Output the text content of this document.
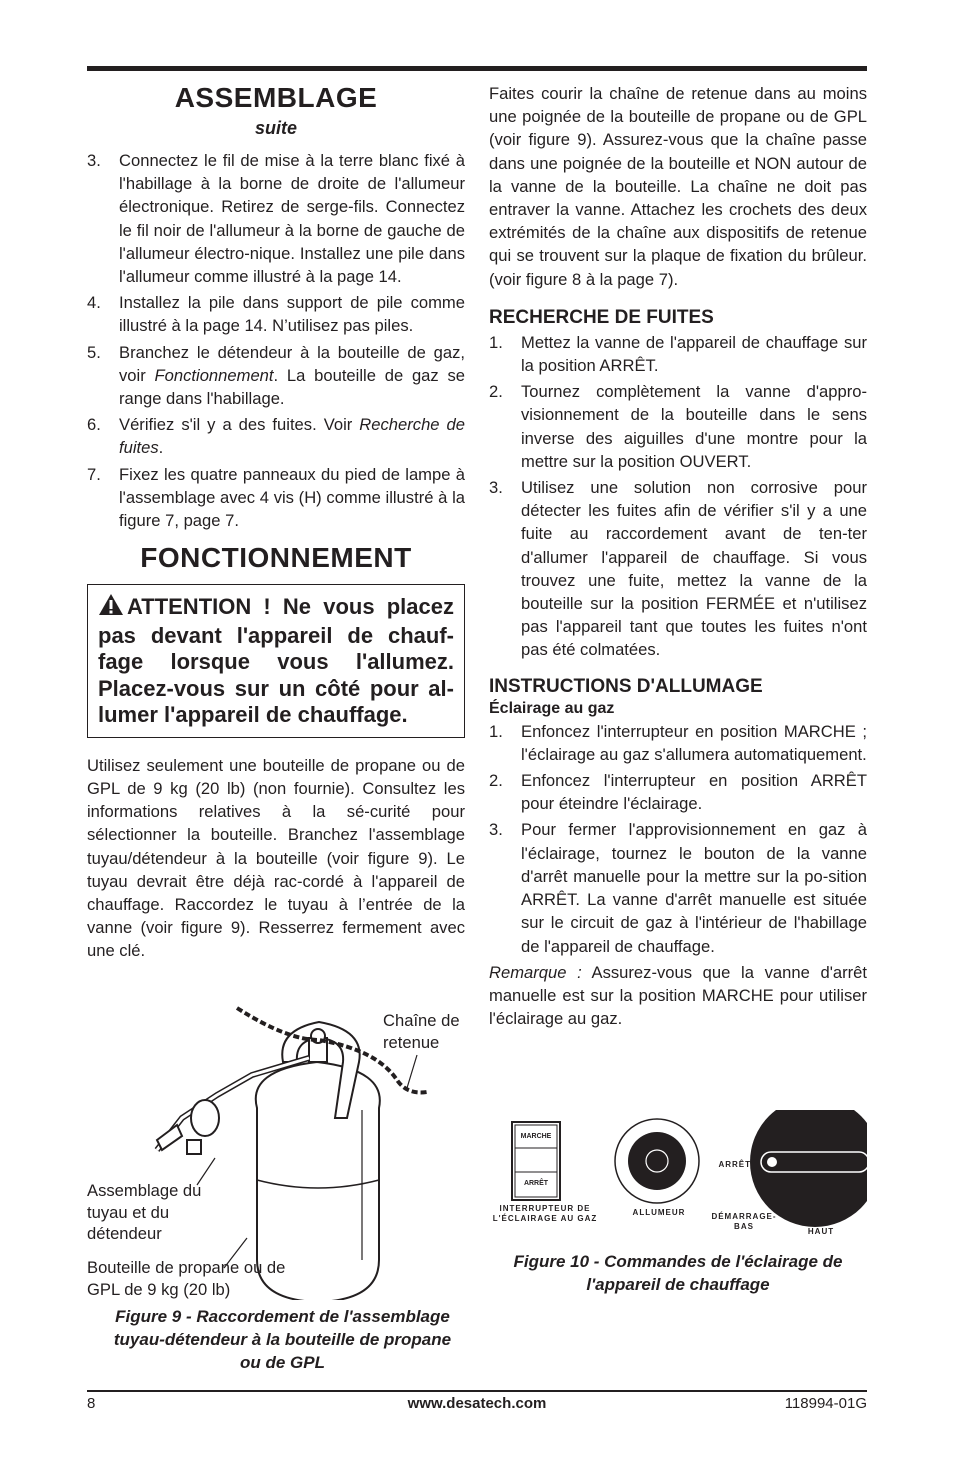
ASSEMBLAGE
suite
3. Connectez le fil de mise à la terre blanc fixé à l'habillage à la borne de droite de l'allumeur électronique. Retirez de serge-fils. Connectez le fil noir de l'allumeur à la borne de gauche de l'allumeur électro-nique. Installez une pile dans l'allumeur comme illustré à la page 14.
4. Installez la pile dans support de pile comme illustré à la page 14. N’utilisez pas piles.
5. Branchez le détendeur à la bouteille de gaz, voir Fonctionnement. La bouteille de gaz se range dans l'habillage.
6. Vérifiez s'il y a des fuites. Voir Recherche de fuites.
7. Fixez les quatre panneaux du pied de lampe à l'assemblage avec 4 vis (H) comme illustré à la figure 7, page 7.
FONCTIONNEMENT
ATTENTION ! Ne vous placez pas devant l'appareil de chauf-fage lorsque vous l'allumez. Placez-vous sur un côté pour al-lumer l'appareil de chauffage.

Utilisez seulement une bouteille de propane ou de GPL de 9 kg (20 lb) (non fournie). Consultez les informations relatives à la sé-curité pour sélectionner la bouteille. Branchez l'assemblage tuyau/détendeur à la bouteille (voir figure 9). Le tuyau devrait être déjà rac-cordé à l'appareil de chauffage. Raccordez le tuyau à l’entrée de la vanne (voir figure 9). Resserrez fermement avec une clé.

Chaîne de retenue
Assemblage du tuyau et du détendeur
Bouteille de propane ou de GPL de 9 kg (20 lb)
Figure 9 - Raccordement de l'assemblage tuyau-détendeur à la bouteille de propane ou de GPL

Faites courir la chaîne de retenue dans au moins une poignée de la bouteille de propane ou de GPL (voir figure 9). Assurez-vous que la chaîne passe dans une poignée de la bouteille et NON autour de la vanne de la bouteille. La chaîne ne doit pas entraver la vanne. Attachez les crochets des deux extrémités de la chaîne aux dispositifs de retenue qui se trouvent sur la plaque de fixation du brûleur. (voir figure 8 à la page 7).

RECHERCHE DE FUITES
1. Mettez la vanne de l'appareil de chauffage sur la position ARRÊT.
2. Tournez complètement la vanne d'appro-visionnement de la bouteille dans le sens inverse des aiguilles d'une montre pour la mettre sur la position OUVERT.
3. Utilisez une solution non corrosive pour détecter les fuites afin de vérifier s'il y a une fuite au raccordement avant de ten-ter d'allumer l'appareil de chauffage. Si vous trouvez une fuite, mettez la vanne de la bouteille sur la position FERMÉE et n'utilisez pas l'appareil tant que toutes les fuites n'ont pas été colmatées.
INSTRUCTIONS D'ALLUMAGE
Éclairage au gaz
1. Enfoncez l'interrupteur en position MARCHE ; l'éclairage au gaz s'allumera automatiquement.
2. Enfoncez l'interrupteur en position ARRÊT pour éteindre l'éclairage.
3. Pour fermer l'approvisionnement en gaz à l'éclairage, tournez le bouton de la vanne d'arrêt manuelle pour la mettre sur la po-sition ARRÊT. La vanne d'arrêt manuelle est située sur le circuit de gaz à l'intérieur de l'habillage de l'appareil de chauffage.

Remarque : Assurez-vous que la vanne d'arrêt manuelle est sur la position MARCHE pour utiliser l'éclairage au gaz.

MARCHE
ARRÊT
INTERRUPTEUR DE L'ÉCLAIRAGE AU GAZ
ALLUMEUR
ARRÊT
DÉMARRAGE-BAS
HAUT
Figure 10 - Commandes de l'éclairage de l'appareil de chauffage
8	www.desatech.com	118994-01G
